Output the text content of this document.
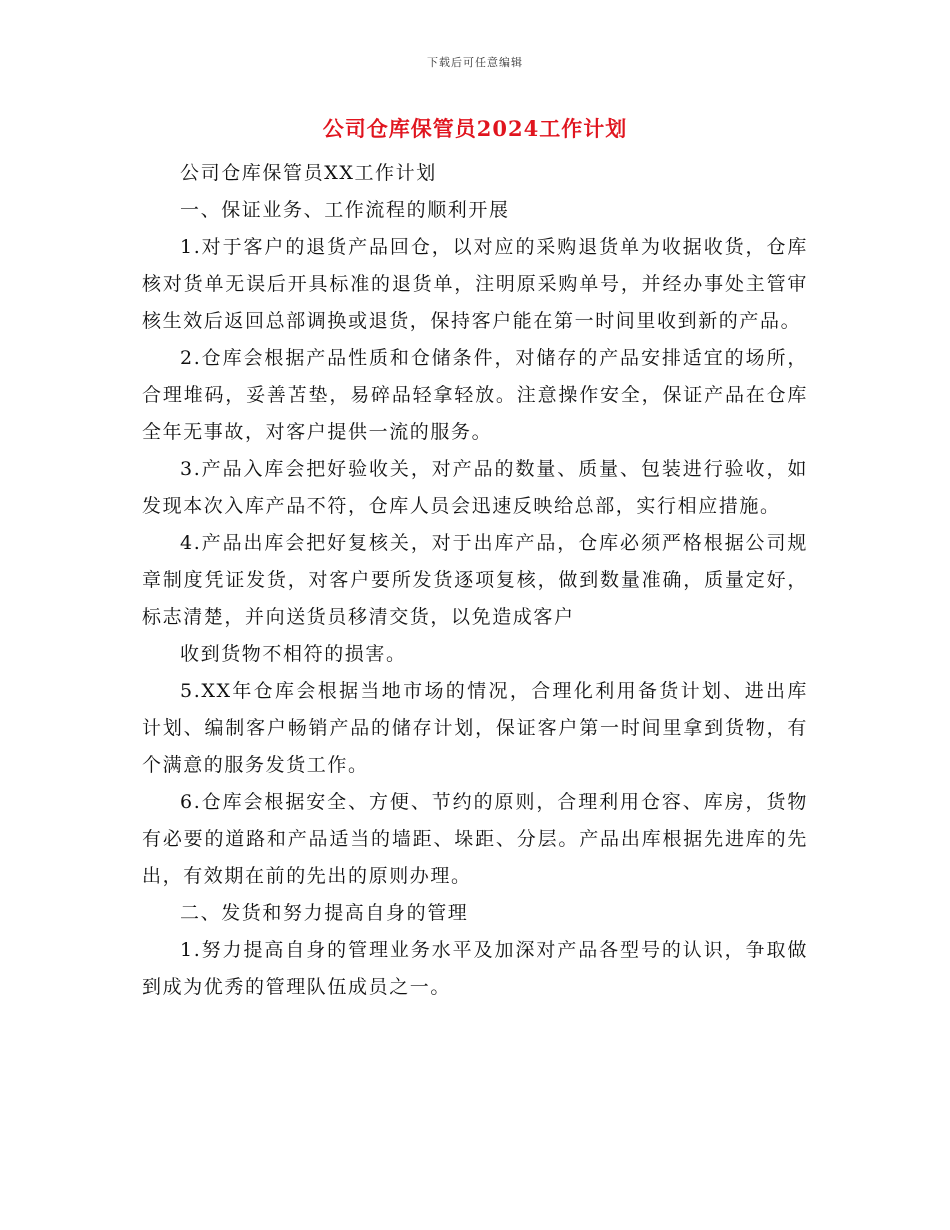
下载后可任意编辑
公司仓库保管员2024工作计划

公司仓库保管员XX工作计划

一、保证业务、工作流程的顺利开展

1.对于客户的退货产品回仓，以对应的采购退货单为收据收货，仓库核对货单无误后开具标准的退货单，注明原采购单号，并经办事处主管审核生效后返回总部调换或退货，保持客户能在第一时间里收到新的产品。

2.仓库会根据产品性质和仓储条件，对储存的产品安排适宜的场所，合理堆码，妥善苫垫，易碎品轻拿轻放。注意操作安全，保证产品在仓库全年无事故，对客户提供一流的服务。

3.产品入库会把好验收关，对产品的数量、质量、包装进行验收，如发现本次入库产品不符，仓库人员会迅速反映给总部，实行相应措施。

4.产品出库会把好复核关，对于出库产品，仓库必须严格根据公司规章制度凭证发货，对客户要所发货逐项复核，做到数量准确，质量定好，标志清楚，并向送货员移清交货，以免造成客户

收到货物不相符的损害。

5.XX年仓库会根据当地市场的情况，合理化利用备货计划、进出库计划、编制客户畅销产品的储存计划，保证客户第一时间里拿到货物，有个满意的服务发货工作。

6.仓库会根据安全、方便、节约的原则，合理利用仓容、库房，货物有必要的道路和产品适当的墙距、垛距、分层。产品出库根据先进库的先出，有效期在前的先出的原则办理。

二、发货和努力提高自身的管理

1.努力提高自身的管理业务水平及加深对产品各型号的认识，争取做到成为优秀的管理队伍成员之一。
